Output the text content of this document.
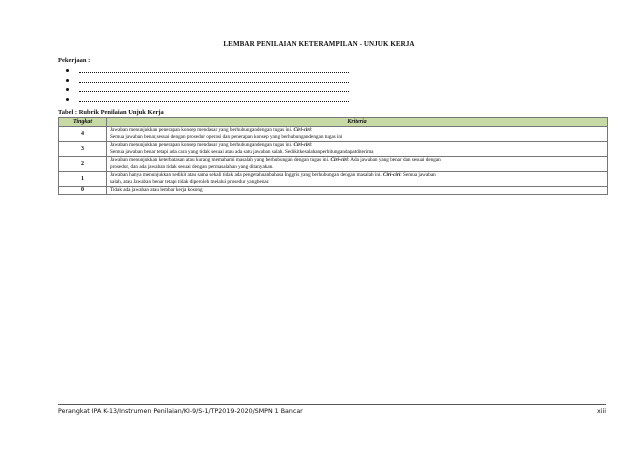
LEMBAR PENILAIAN KETERAMPILAN - UNJUK KERJA
Pekerjaan :
Tabel : Rubrik Penilaian Unjuk Kerja
Tingkat	Kriteria
4	Jawaban menunjukkan penerapan konsep mendasar yang berhubungandengan tugas ini. Ciri-ciri:
Semua jawaban benar,sesuai dengan prosedur operasi dan penerapan konsep yang berhubungandengan tugas ini
3	Jawaban menunjukkan penerapan konsep mendasar yang berhubungandengan tugas ini. Ciri-ciri:
Semua jawaban benar tetapi ada cara yang tidak sesuai atau ada satu jawaban salah. Sedikitkesalahanperhitungandapatditerima
2	Jawaban menunjukkan keterbatasan atau kurang memahami masalah yang berhubungan dengan tugas ini. Ciri-ciri: Ada jawaban yang benar dan sesuai dengan
prosedur, dan ada jawaban tidak sesuai dengan permasalahan yang ditanyakan.
1	Jawaban hanya menunjukkan sedikit atau sama sekali tidak ada pengetahuanbahasa Inggris yang berhubungan dengan masalah ini. Ciri-ciri: Semua jawaban
salah, atau Jawaban benar tetapi tidak diperoleh melalui prosedur yangbenar.
0	Tidak ada jawaban atau lembar kerja kosong
Perangkat IPA K-13/Instrumen Penilaian/KI-9/S-1/TP2019-2020/SMPN 1 Bancar	xiii
